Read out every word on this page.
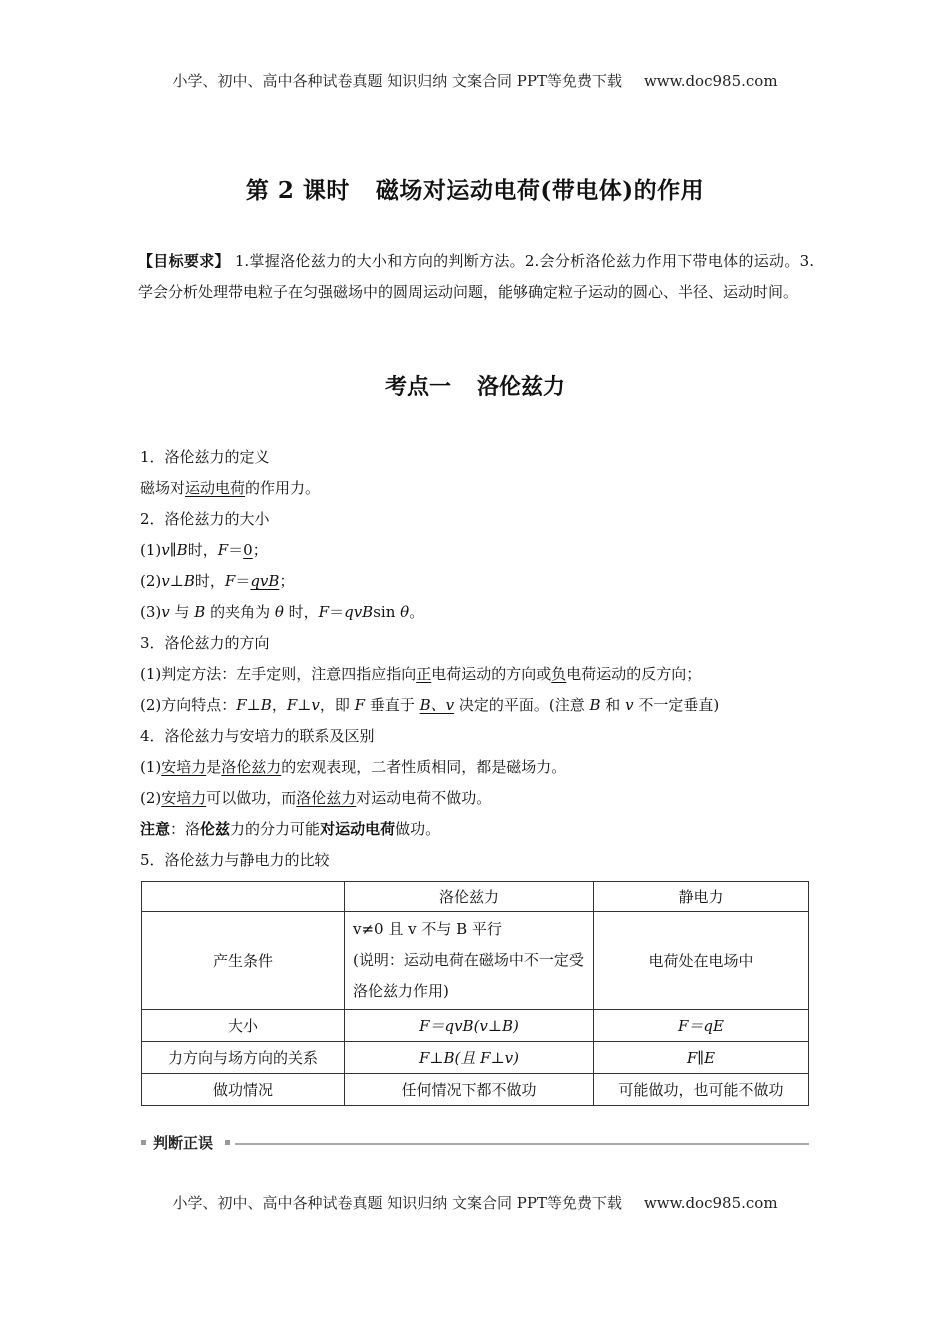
小学、初中、高中各种试卷真题 知识归纳 文案合同 PPT等免费下载 www.doc985.com
第 2 课时 磁场对运动电荷(带电体)的作用
【目标要求】 1.掌握洛伦兹力的大小和方向的判断方法。2.会分析洛伦兹力作用下带电体的运动。3.学会分析处理带电粒子在匀强磁场中的圆周运动问题，能够确定粒子运动的圆心、半径、运动时间。
考点一 洛伦兹力
1．洛伦兹力的定义
磁场对运动电荷的作用力。
2．洛伦兹力的大小
(1)v∥B时，F＝0；
(2)v⊥B时，F＝qvB；
(3)v 与 B 的夹角为 θ 时，F＝qvBsin θ。
3．洛伦兹力的方向
(1)判定方法：左手定则，注意四指应指向正电荷运动的方向或负电荷运动的反方向；
(2)方向特点：F⊥B，F⊥v，即 F 垂直于 B、v 决定的平面。(注意 B 和 v 不一定垂直)
4．洛伦兹力与安培力的联系及区别
(1)安培力是洛伦兹力的宏观表现，二者性质相同，都是磁场力。
(2)安培力可以做功，而洛伦兹力对运动电荷不做功。
注意：洛伦兹力的分力可能对运动电荷做功。
5．洛伦兹力与静电力的比较
	洛伦兹力	静电力
产生条件	v≠0 且 v 不与 B 平行
(说明：运动电荷在磁场中不一定受洛伦兹力作用)	电荷处在电场中
大小	F＝qvB(v⊥B)	F＝qE
力方向与场方向的关系	F⊥B(且 F⊥v)	F∥E
做功情况	任何情况下都不做功	可能做功，也可能不做功
判断正误
小学、初中、高中各种试卷真题 知识归纳 文案合同 PPT等免费下载 www.doc985.com
